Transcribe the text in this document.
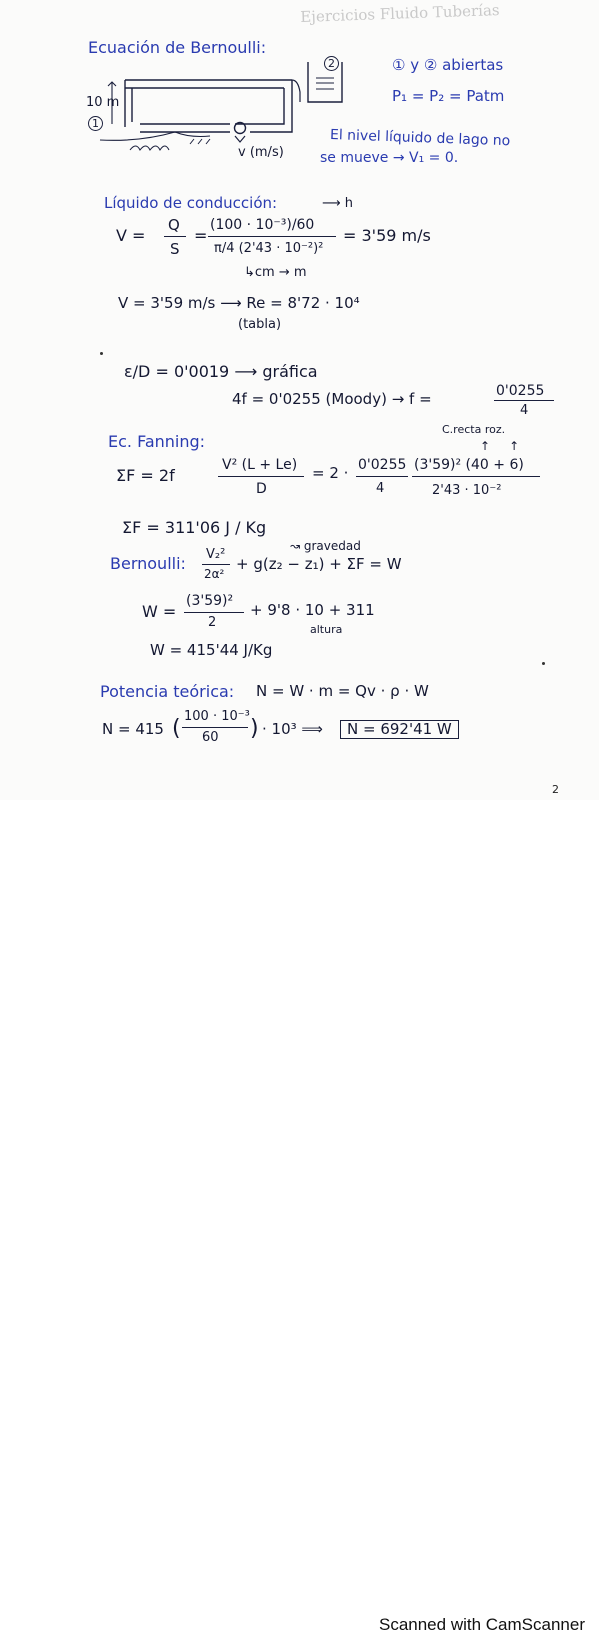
Ejercicios Fluido Tuberías
Ecuación de Bernoulli:
10 m
1
2
v (m/s)
① y ② abiertas
P₁ = P₂ = Patm
El nivel líquido de lago no
se mueve → V₁ = 0.
Líquido de conducción:	⟶ h
V =
Q
S
=
(100 · 10⁻³)/60
π/4 (2'43 · 10⁻²)²
= 3'59 m/s
↳cm → m
V = 3'59 m/s ⟶ Re = 8'72 · 10⁴
(tabla)
ε/D = 0'0019 ⟶ gráfica
4f = 0'0255 (Moody) → f =	0'0255
4
Ec. Fanning:
C.recta roz.
↑     ↑
ΣF = 2f
V² (L + Le)
D
= 2 · 0'0255
4
(3'59)² (40 + 6)
2'43 · 10⁻²
ΣF = 311'06 J / Kg
↝ gravedad
Bernoulli: V₂²
2α²
+ g(z₂ − z₁) + ΣF = W
W =
(3'59)²
2
+ 9'8 · 10 + 311
altura
W = 415'44 J/Kg
Potencia teórica: N = W · m = Qv · ρ · W
N = 415 ( 100 · 10⁻³
60 ) · 10³ ⟹	N = 692'41 W
2
Scanned with CamScanner
